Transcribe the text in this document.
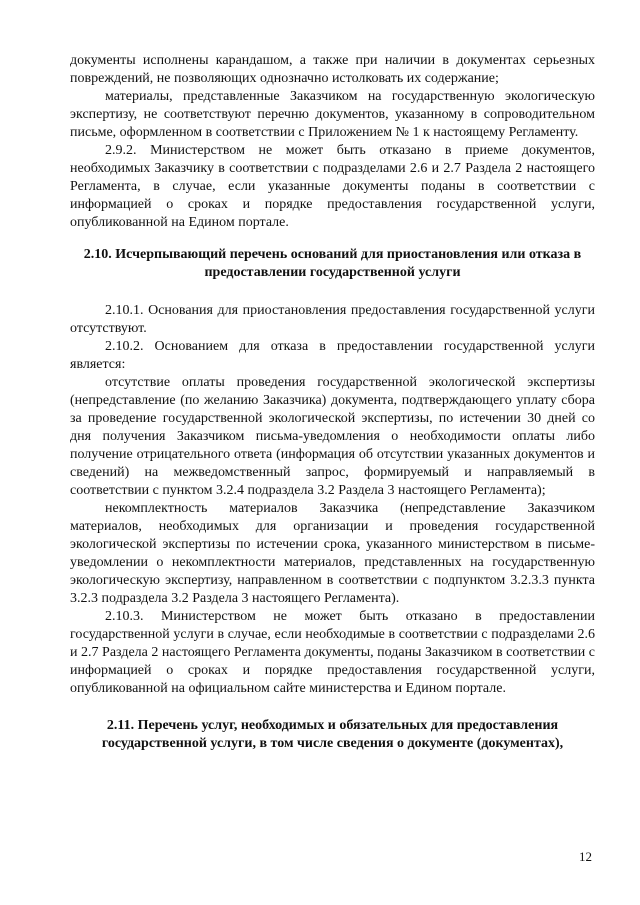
документы исполнены карандашом, а также при наличии в документах серьезных повреждений, не позволяющих однозначно истолковать их содержание;

материалы, представленные Заказчиком на государственную экологическую экспертизу, не соответствуют перечню документов, указанному в сопроводительном письме, оформленном в соответствии с Приложением № 1 к настоящему Регламенту.

2.9.2. Министерством не может быть отказано в приеме документов, необходимых Заказчику в соответствии с подразделами 2.6 и 2.7 Раздела 2 настоящего Регламента, в случае, если указанные документы поданы в соответствии с информацией о сроках и порядке предоставления государственной услуги, опубликованной на Едином портале.

2.10. Исчерпывающий перечень оснований для приостановления или отказа в предоставлении государственной услуги

2.10.1. Основания для приостановления предоставления государственной услуги отсутствуют.

2.10.2. Основанием для отказа в предоставлении государственной услуги является:

отсутствие оплаты проведения государственной экологической экспертизы (непредставление (по желанию Заказчика) документа, подтверждающего уплату сбора за проведение государственной экологической экспертизы, по истечении 30 дней со дня получения Заказчиком письма-уведомления о необходимости оплаты либо получение отрицательного ответа (информация об отсутствии указанных документов и сведений) на межведомственный запрос, формируемый и направляемый в соответствии с пунктом 3.2.4 подраздела 3.2 Раздела 3 настоящего Регламента);

некомплектность материалов Заказчика (непредставление Заказчиком материалов, необходимых для организации и проведения государственной экологической экспертизы по истечении срока, указанного министерством в письме-уведомлении о некомплектности материалов, представленных на государственную экологическую экспертизу, направленном в соответствии с подпунктом 3.2.3.3 пункта 3.2.3 подраздела 3.2 Раздела 3 настоящего Регламента).

2.10.3. Министерством не может быть отказано в предоставлении государственной услуги в случае, если необходимые в соответствии с подразделами 2.6 и 2.7 Раздела 2 настоящего Регламента документы, поданы Заказчиком в соответствии с информацией о сроках и порядке предоставления государственной услуги, опубликованной на официальном сайте министерства и Едином портале.

2.11. Перечень услуг, необходимых и обязательных для предоставления государственной услуги, в том числе сведения о документе (документах),

12
